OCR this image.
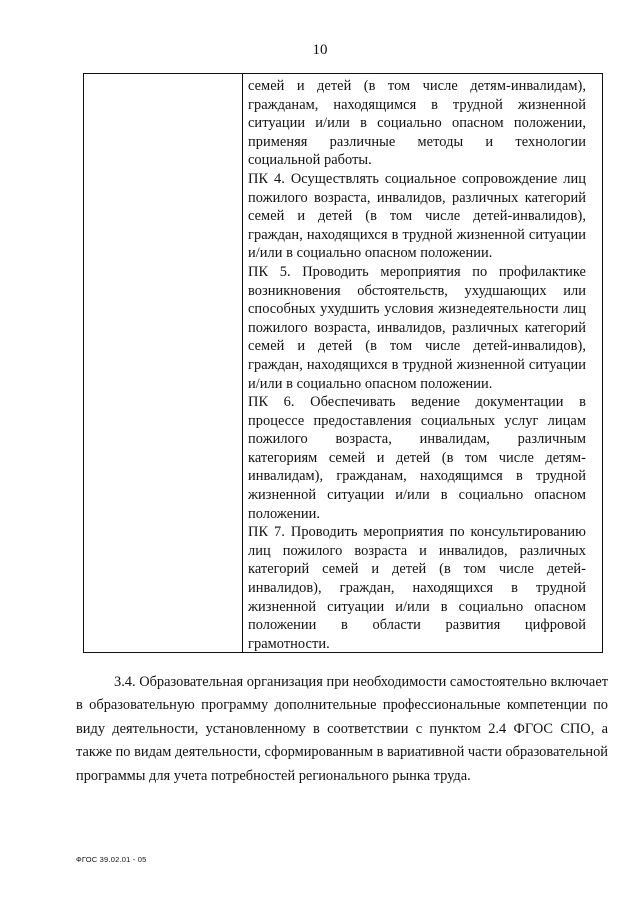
10

семей и детей (в том числе детям-инвалидам), гражданам, находящимся в трудной жизненной ситуации и/или в социально опасном положении, применяя различные методы и технологии социальной работы.

ПК 4. Осуществлять социальное сопровождение лиц пожилого возраста, инвалидов, различных категорий семей и детей (в том числе детей-инвалидов), граждан, находящихся в трудной жизненной ситуации и/или в социально опасном положении.

ПК 5. Проводить мероприятия по профилактике возникновения обстоятельств, ухудшающих или способных ухудшить условия жизнедеятельности лиц пожилого возраста, инвалидов, различных категорий семей и детей (в том числе детей-инвалидов), граждан, находящихся в трудной жизненной ситуации и/или в социально опасном положении.

ПК 6. Обеспечивать ведение документации в процессе предоставления социальных услуг лицам пожилого возраста, инвалидам, различным категориям семей и детей (в том числе детям-инвалидам), гражданам, находящимся в трудной жизненной ситуации и/или в социально опасном положении.

ПК 7. Проводить мероприятия по консультированию лиц пожилого возраста и инвалидов, различных категорий семей и детей (в том числе детей-инвалидов), граждан, находящихся в трудной жизненной ситуации и/или в социально опасном положении в области развития цифровой грамотности.

3.4. Образовательная организация при необходимости самостоятельно включает в образовательную программу дополнительные профессиональные компетенции по виду деятельности, установленному в соответствии с пунктом 2.4 ФГОС СПО, а также по видам деятельности, сформированным в вариативной части образовательной программы для учета потребностей регионального рынка труда.

ФГОС 39.02.01 - 05
